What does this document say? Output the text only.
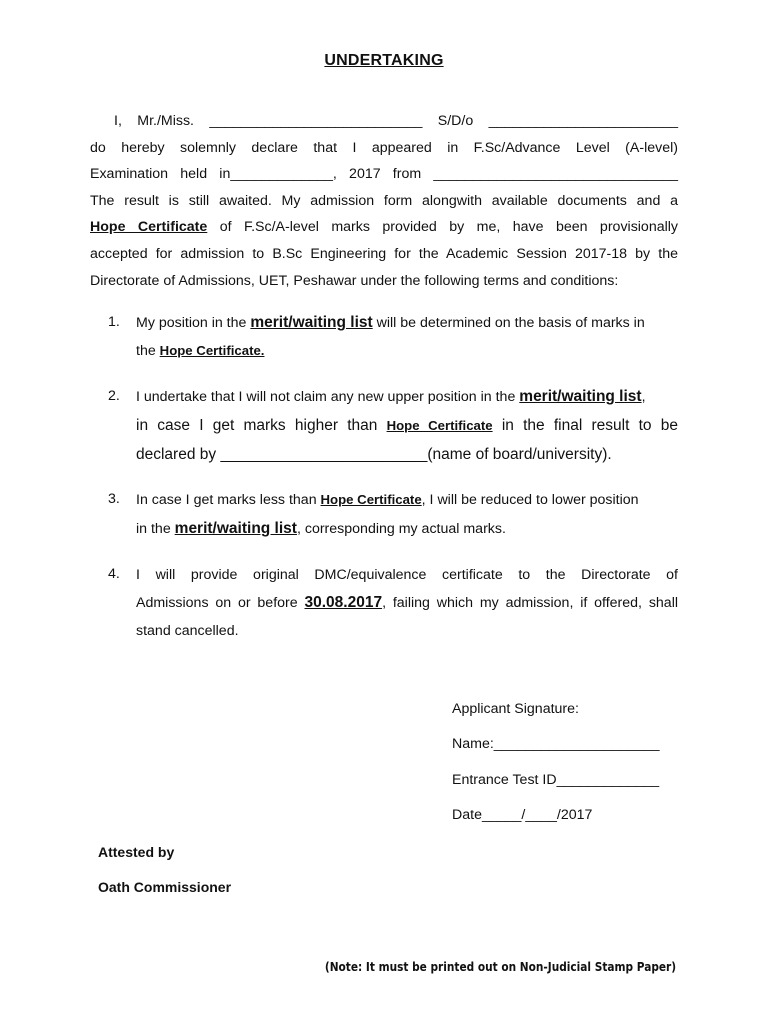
UNDERTAKING
I, Mr./Miss. ___________________________ S/D/o ________________________
do hereby solemnly declare that I appeared in F.Sc/Advance Level (A-level)
Examination held in_____________, 2017 from _______________________________
The result is still awaited. My admission form alongwith available documents and a
Hope Certificate of F.Sc/A-level marks provided by me, have been provisionally
accepted for admission to B.Sc Engineering for the Academic Session 2017-18 by the
Directorate of Admissions, UET, Peshawar under the following terms and conditions:
1.	My position in the merit/waiting list will be determined on the basis of marks in
the Hope Certificate.
2.	I undertake that I will not claim any new upper position in the merit/waiting list,
in case I get marks higher than Hope Certificate in the final result to be
declared by ________________________(name of board/university).
3.	In case I get marks less than Hope Certificate, I will be reduced to lower position
in the merit/waiting list, corresponding my actual marks.
4.	I will provide original DMC/equivalence certificate to the Directorate of
Admissions on or before 30.08.2017, failing which my admission, if offered, shall
stand cancelled.
Applicant Signature:
Name:_____________________
Entrance Test ID_____________
Date_____/____/2017
Attested by
Oath Commissioner
(Note: It must be printed out on Non-Judicial Stamp Paper)
